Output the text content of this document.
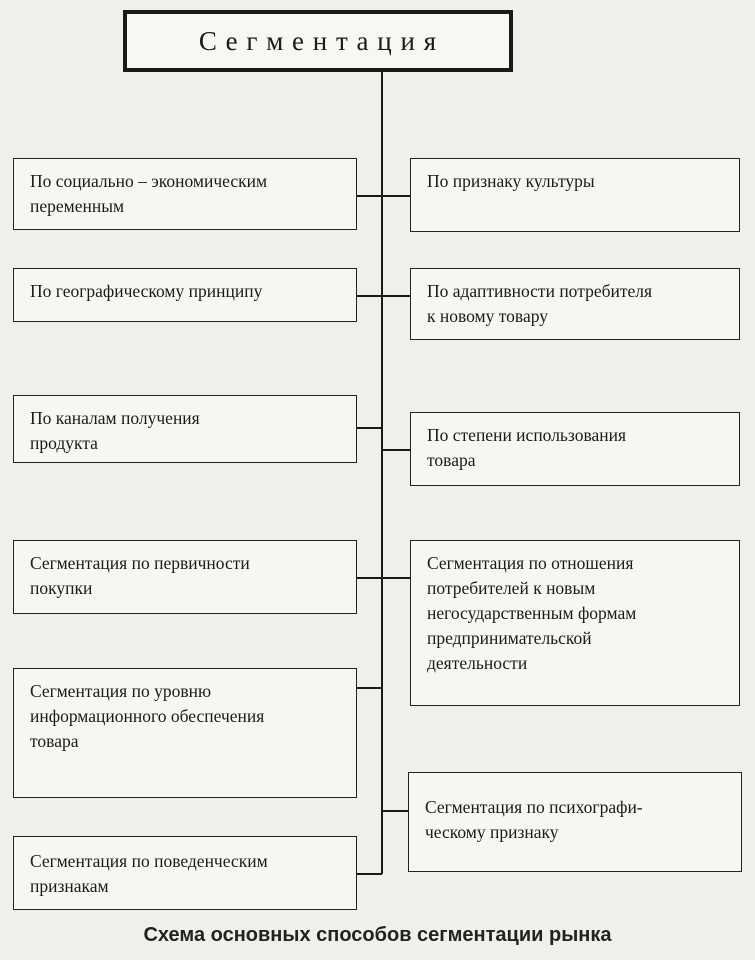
С е г м е н т а ц и я
По социально – экономическим
переменным
По географическому принципу
По каналам получения
продукта
Сегментация по первичности
покупки
Сегментация по уровню
информационного обеспечения
товара
Сегментация по поведенческим
признакам
По признаку культуры
По адаптивности потребителя
к новому товару
По степени использования
товара
Сегментация по отношения
потребителей к новым
негосударственным формам
предпринимательской
деятельности
Сегментация по психографи-
ческому признаку
Схема основных способов сегментации рынка
